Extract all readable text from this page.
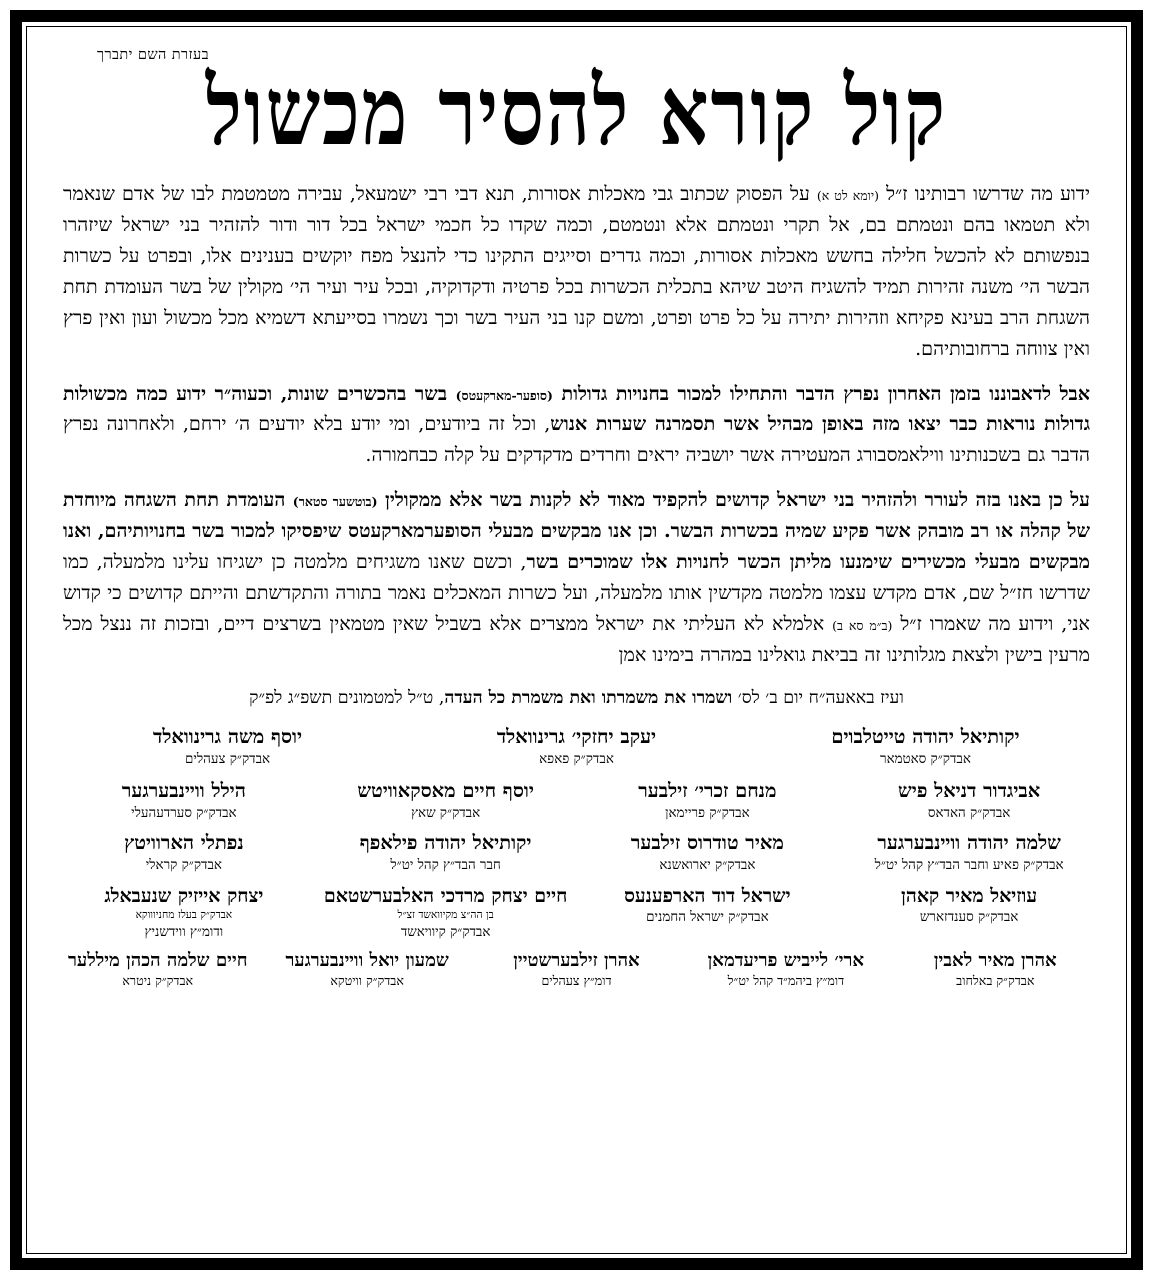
בעזרת השם יתברך
קול קורא להסיר מכשול

ידוע מה שדרשו רבותינו ז״ל (יומא לט א) על הפסוק שכתוב גבי מאכלות אסורות, תנא דבי רבי ישמעאל, עבירה מטמטמת לבו של אדם שנאמר ולא תטמאו בהם ונטמתם בם, אל תקרי ונטמתם אלא ונטמטם, וכמה שקדו כל חכמי ישראל בכל דור ודור להזהיר בני ישראל שיזהרו בנפשותם לא להכשל חלילה בחשש מאכלות אסורות, וכמה גדרים וסייגים התקינו כדי להנצל מפח יוקשים בענינים אלו, ובפרט על כשרות הבשר הי׳ משנה זהירות תמיד להשגיח היטב שיהא בתכלית הכשרות בכל פרטיה ודקדוקיה, ובכל עיר ועיר הי׳ מקולין של בשר העומדת תחת השגחת הרב בעינא פקיחא וזהירות יתירה על כל פרט ופרט, ומשם קנו בני העיר בשר וכך נשמרו בסייעתא דשמיא מכל מכשול ועון ואין פרץ ואין צווחה ברחובותיהם.

אבל לדאבוננו בזמן האחרון נפרץ הדבר והתחילו למכור בחנויות גדולות (סופער-מארקעטס) בשר בהכשרים שונות, וכעוה״ר ידוע כמה מכשולות גדולות נוראות כבר יצאו מזה באופן מבהיל אשר תסמרנה שערות אנוש, וכל זה ביודעים, ומי יודע בלא יודעים ה׳ ירחם, ולאחרונה נפרץ הדבר גם בשכנותינו ווילאמסבורג המעטירה אשר יושביה יראים וחרדים מדקדקים על קלה כבחמורה.

על כן באנו בזה לעורר ולהזהיר בני ישראל קדושים להקפיד מאוד לא לקנות בשר אלא ממקולין (בוטשער סטאר) העומדת תחת השגחה מיוחדת של קהלה או רב מובהק אשר פקיע שמיה בכשרות הבשר. וכן אנו מבקשים מבעלי הסופערמארקעטס שיפסיקו למכור בשר בחנויותיהם, ואנו מבקשים מבעלי מכשירים שימנעו מליתן הכשר לחנויות אלו שמוכרים בשר, וכשם שאנו משגיחים מלמטה כן ישגיחו עלינו מלמעלה, כמו שדרשו חז״ל שם, אדם מקדש עצמו מלמטה מקדשין אותו מלמעלה, ועל כשרות המאכלים נאמר בתורה והתקדשתם והייתם קדושים כי קדוש אני, וידוע מה שאמרו ז״ל (ב״מ סא ב) אלמלא לא העליתי את ישראל ממצרים אלא בשביל שאין מטמאין בשרצים דיים, ובזכות זה ננצל מכל מרעין בישין ולצאת מגלותינו זה בביאת גואלינו במהרה בימינו אמן

ועיז באאעה״ח יום ב׳ לס׳ ושמרו את משמרתו ואת משמרת כל העדה, ט״ל למטמונים תשפ״ג לפ״ק
יקותיאל יהודה טייטלבוים
אבדק״ק סאטמאר
יעקב יחזקי׳ גרינוואלד
אבדק״ק פאפא
יוסף משה גרינוואלד
אבדק״ק צעהלים
אביגדור דניאל פיש
אבדק״ק האדאס
מנחם זכרי׳ זילבער
אבדק״ק פריימאן
יוסף חיים מאסקאוויטש
אבדק״ק שאץ
הילל ווײנבערגער
אבדק״ק סערדעהעלי
שלמה יהודה ווײנבערגער
אבדק״ק פאיע וחבר הבד״ץ קהל יט״ל
מאיר טודרוס זילבער
אבדק״ק יארואשנא
יקותיאל יהודה פילאפף
חבר הבד״ץ קהל יט״ל
נפתלי הארוויטץ
אבדק״ק קראלי
עוזיאל מאיר קאהן
אבדק״ק סענדזארש
ישראל דוד הארפענעס
אבדק״ק ישראל החמנים
חיים יצחק מרדכי האלבערשטאם
בן הה״צ מקיוואשד זצ״ל
אבדק״ק קיוויאשד
יצחק אייזיק שנעבאלג
אבדק״ק בעלז מחניוווקא
ודומ״ץ ווידשניץ
אהרן מאיר לאבין
אבדק״ק באלחוב
ארי׳ לייביש פריעדמאן
דומ״ץ ביהמ״ד קהל יט״ל
אהרן זילבערשטיין
דומ״ץ צעהלים
שמעון יואל ווײנבערגער
אבדק״ק וויטקא
חיים שלמה הכהן מיללער
אבדק״ק ניטרא
